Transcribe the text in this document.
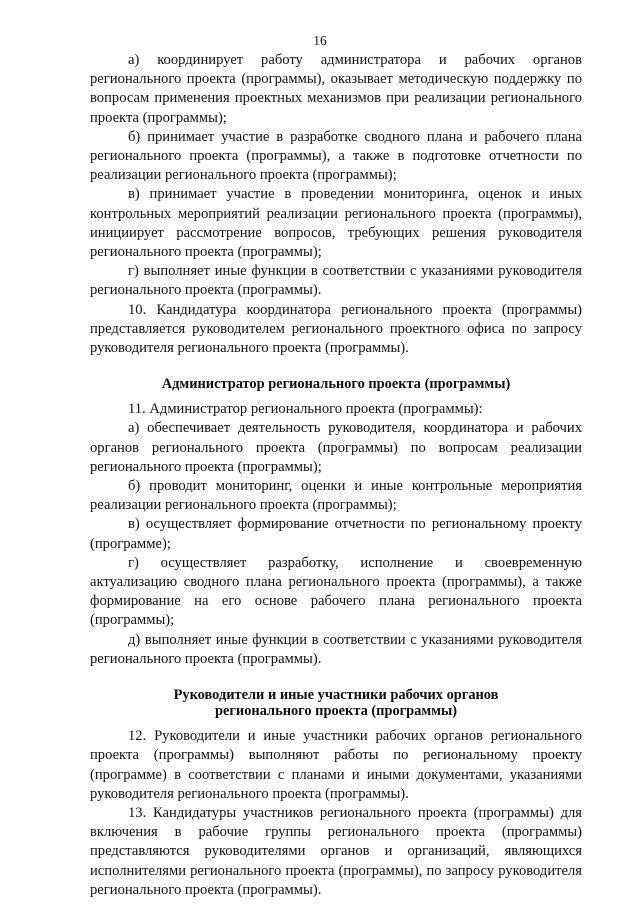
16

а) координирует работу администратора и рабочих органов регионального проекта (программы), оказывает методическую поддержку по вопросам применения проектных механизмов при реализации регионального проекта (программы);

б) принимает участие в разработке сводного плана и рабочего плана регионального проекта (программы), а также в подготовке отчетности по реализации регионального проекта (программы);

в) принимает участие в проведении мониторинга, оценок и иных контрольных мероприятий реализации регионального проекта (программы), инициирует рассмотрение вопросов, требующих решения руководителя регионального проекта (программы);

г) выполняет иные функции в соответствии с указаниями руководителя регионального проекта (программы).

10. Кандидатура координатора регионального проекта (программы) представляется руководителем регионального проектного офиса по запросу руководителя регионального проекта (программы).

Администратор регионального проекта (программы)

11. Администратор регионального проекта (программы):

а) обеспечивает деятельность руководителя, координатора и рабочих органов регионального проекта (программы) по вопросам реализации регионального проекта (программы);

б) проводит мониторинг, оценки и иные контрольные мероприятия реализации регионального проекта (программы);

в) осуществляет формирование отчетности по региональному проекту (программе);

г) осуществляет разработку, исполнение и своевременную актуализацию сводного плана регионального проекта (программы), а также формирование на его основе рабочего плана регионального проекта (программы);

д) выполняет иные функции в соответствии с указаниями руководителя регионального проекта (программы).

Руководители и иные участники рабочих органов
регионального проекта (программы)

12. Руководители и иные участники рабочих органов регионального проекта (программы) выполняют работы по региональному проекту (программе) в соответствии с планами и иными документами, указаниями руководителя регионального проекта (программы).

13. Кандидатуры участников регионального проекта (программы) для включения в рабочие группы регионального проекта (программы) представляются руководителями органов и организаций, являющихся исполнителями регионального проекта (программы), по запросу руководителя регионального проекта (программы).
